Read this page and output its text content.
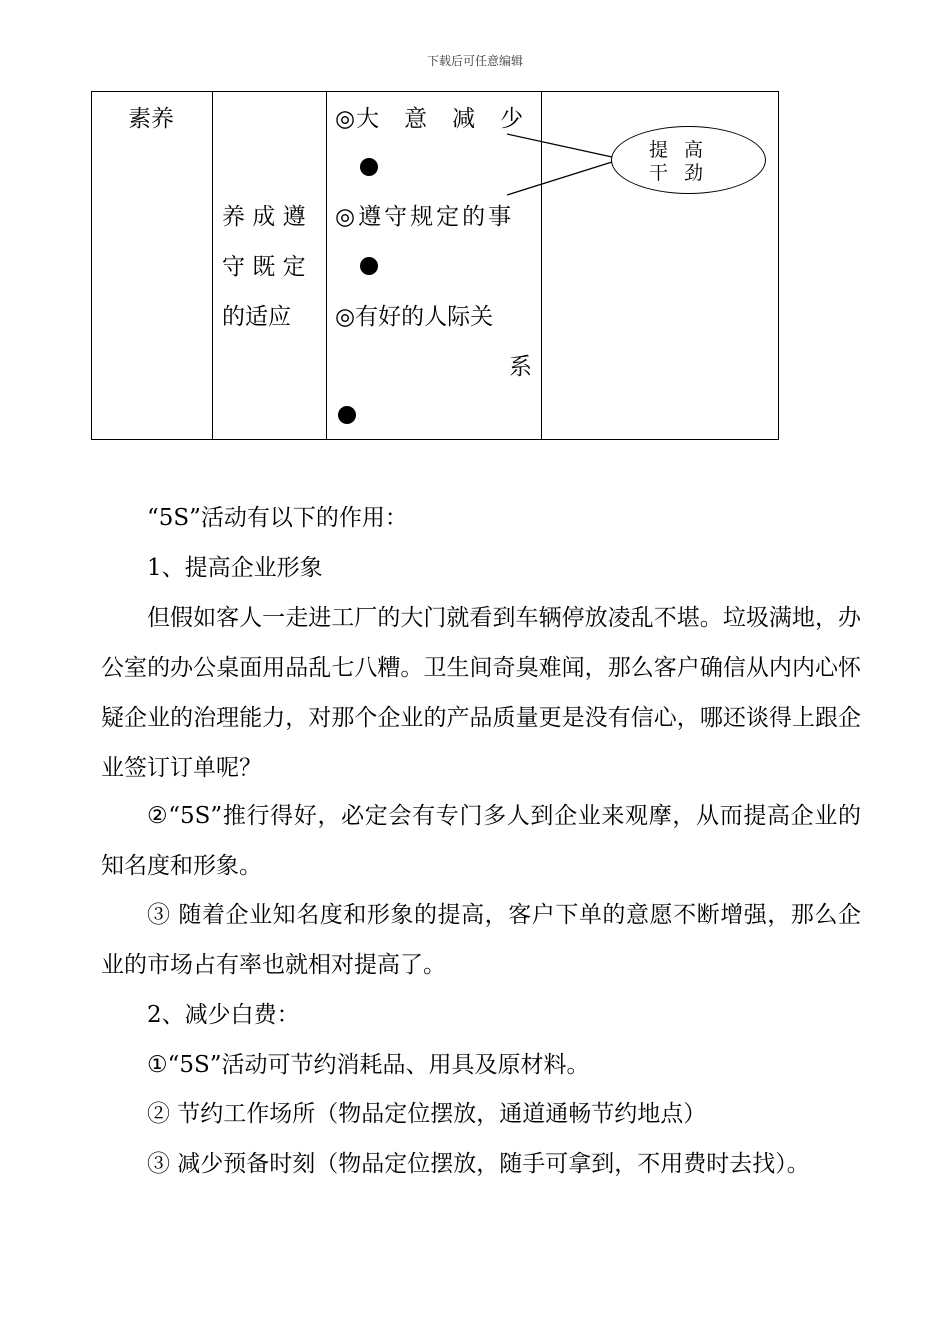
下载后可任意编辑
素养
养 成 遵
守 既 定
的适应
◎大　意　减　少
◎遵守规定的事
◎有好的人际关
系
提 高 干 劲
“5S”活动有以下的作用：
1、提高企业形象
但假如客人一走进工厂的大门就看到车辆停放凌乱不堪。垃圾满地，办公室的办公桌面用品乱七八糟。卫生间奇臭难闻，那么客户确信从内内心怀疑企业的治理能力，对那个企业的产品质量更是没有信心，哪还谈得上跟企业签订订单呢？
②“5S”推行得好，必定会有专门多人到企业来观摩，从而提高企业的知名度和形象。
③ 随着企业知名度和形象的提高，客户下单的意愿不断增强，那么企业的市场占有率也就相对提高了。
2、减少白费：
①“5S”活动可节约消耗品、用具及原材料。
② 节约工作场所（物品定位摆放，通道通畅节约地点）
③ 减少预备时刻（物品定位摆放，随手可拿到，不用费时去找）。
